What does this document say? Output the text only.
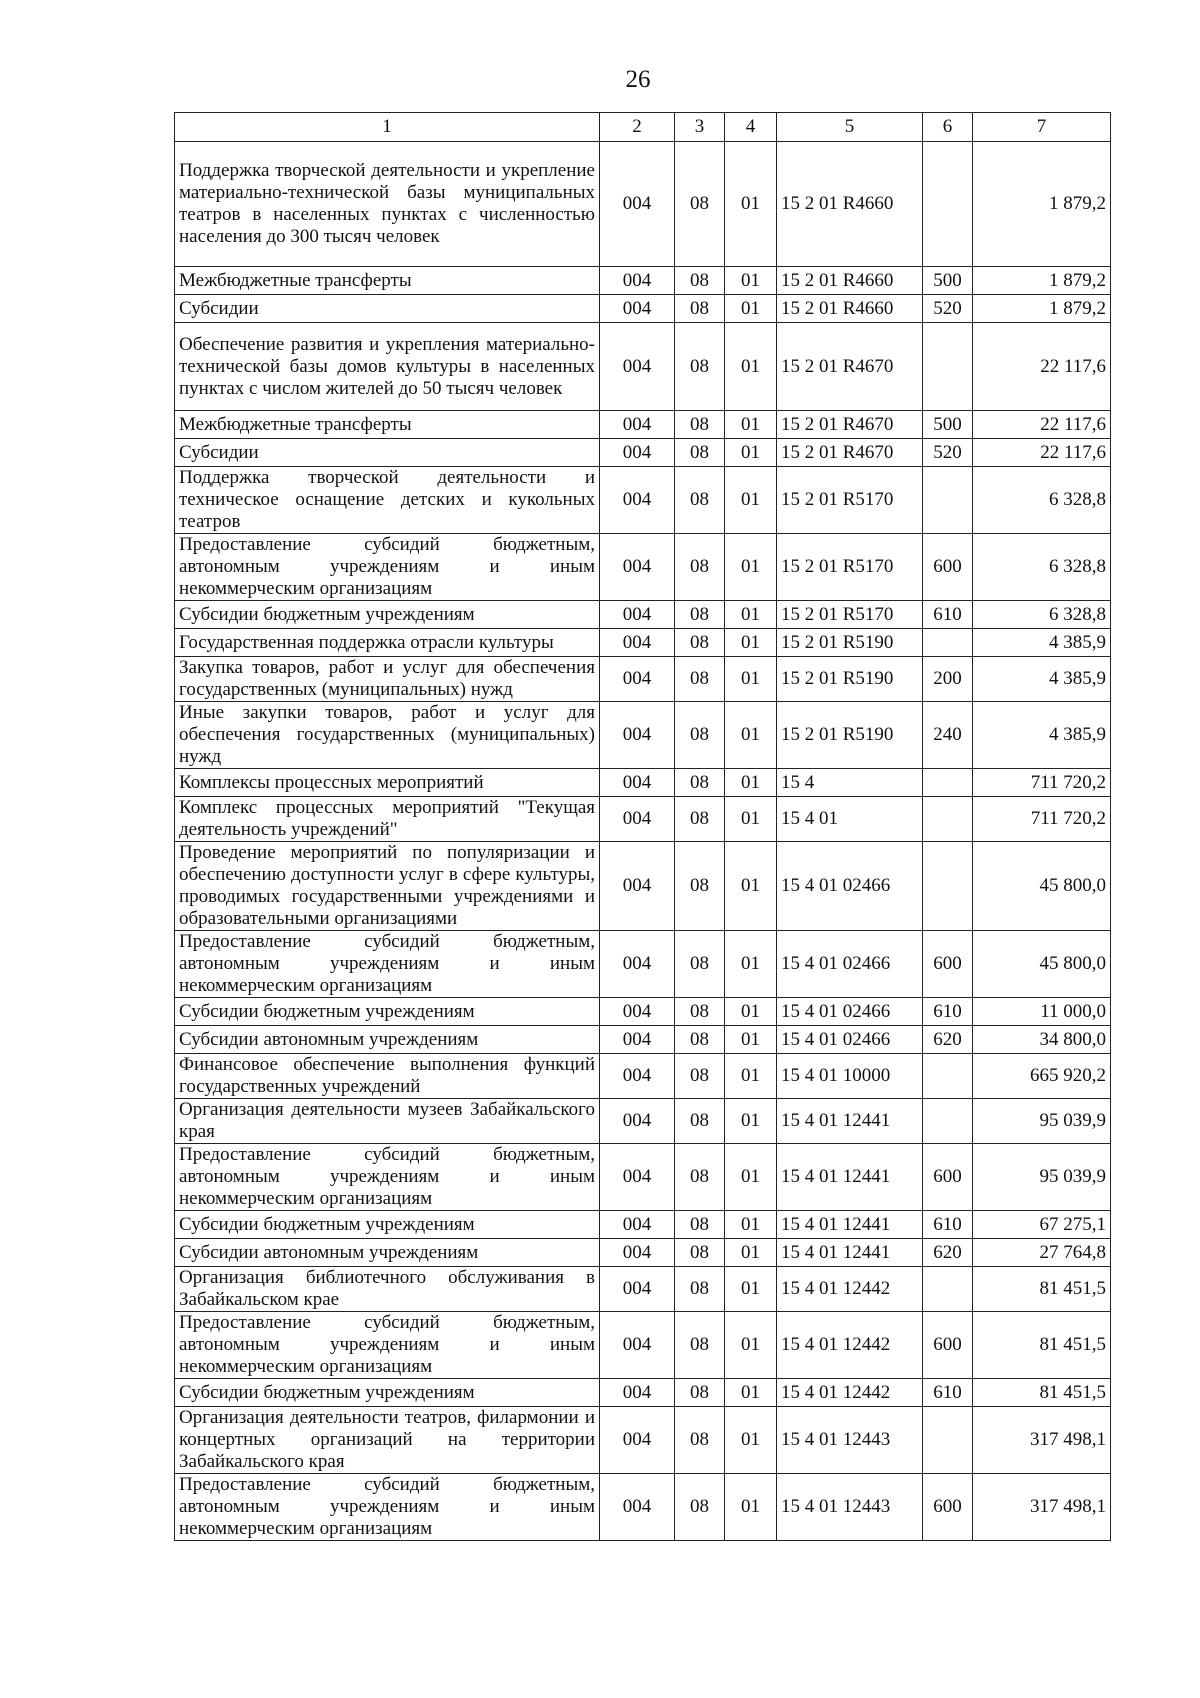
26
1	2	3	4	5	6	7
Поддержка творческой деятельности и укрепление материально-технической базы муниципальных театров в населенных пунктах с численностью населения до 300 тысяч человек	004	08	01	15 2 01 R4660		1 879,2
Межбюджетные трансферты	004	08	01	15 2 01 R4660	500	1 879,2
Субсидии	004	08	01	15 2 01 R4660	520	1 879,2
Обеспечение развития и укрепления материально-технической базы домов культуры в населенных пунктах с числом жителей до 50 тысяч человек	004	08	01	15 2 01 R4670		22 117,6
Межбюджетные трансферты	004	08	01	15 2 01 R4670	500	22 117,6
Субсидии	004	08	01	15 2 01 R4670	520	22 117,6
Поддержка творческой деятельности и техническое оснащение детских и кукольных театров	004	08	01	15 2 01 R5170		6 328,8
Предоставление субсидий бюджетным, автономным учреждениям и иным некоммерческим организациям	004	08	01	15 2 01 R5170	600	6 328,8
Субсидии бюджетным учреждениям	004	08	01	15 2 01 R5170	610	6 328,8
Государственная поддержка отрасли культуры	004	08	01	15 2 01 R5190		4 385,9
Закупка товаров, работ и услуг для обеспечения государственных (муниципальных) нужд	004	08	01	15 2 01 R5190	200	4 385,9
Иные закупки товаров, работ и услуг для обеспечения государственных (муниципальных) нужд	004	08	01	15 2 01 R5190	240	4 385,9
Комплексы процессных мероприятий	004	08	01	15 4		711 720,2
Комплекс процессных мероприятий "Текущая деятельность учреждений"	004	08	01	15 4 01		711 720,2
Проведение мероприятий по популяризации и обеспечению доступности услуг в сфере культуры, проводимых государственными учреждениями и образовательными организациями	004	08	01	15 4 01 02466		45 800,0
Предоставление субсидий бюджетным, автономным учреждениям и иным некоммерческим организациям	004	08	01	15 4 01 02466	600	45 800,0
Субсидии бюджетным учреждениям	004	08	01	15 4 01 02466	610	11 000,0
Субсидии автономным учреждениям	004	08	01	15 4 01 02466	620	34 800,0
Финансовое обеспечение выполнения функций государственных учреждений	004	08	01	15 4 01 10000		665 920,2
Организация деятельности музеев Забайкальского края	004	08	01	15 4 01 12441		95 039,9
Предоставление субсидий бюджетным, автономным учреждениям и иным некоммерческим организациям	004	08	01	15 4 01 12441	600	95 039,9
Субсидии бюджетным учреждениям	004	08	01	15 4 01 12441	610	67 275,1
Субсидии автономным учреждениям	004	08	01	15 4 01 12441	620	27 764,8
Организация библиотечного обслуживания в Забайкальском крае	004	08	01	15 4 01 12442		81 451,5
Предоставление субсидий бюджетным, автономным учреждениям и иным некоммерческим организациям	004	08	01	15 4 01 12442	600	81 451,5
Субсидии бюджетным учреждениям	004	08	01	15 4 01 12442	610	81 451,5
Организация деятельности театров, филармонии и концертных организаций на территории Забайкальского края	004	08	01	15 4 01 12443		317 498,1
Предоставление субсидий бюджетным, автономным учреждениям и иным некоммерческим организациям	004	08	01	15 4 01 12443	600	317 498,1
